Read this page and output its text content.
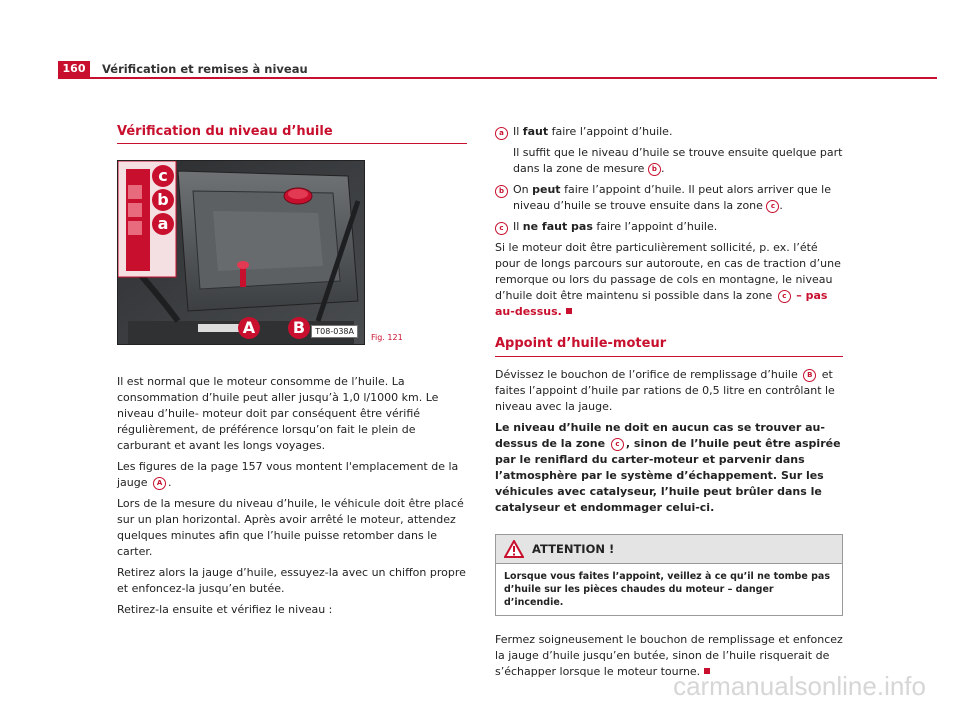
160	Vérification et remises à niveau
Vérification du niveau d’huile
c
b
a
A	B	T08-038A
Fig. 121

Il est normal que le moteur consomme de l’huile. La consommation d’huile peut aller jusqu’à 1,0 l/1000 km. Le niveau d’huile- moteur doit par conséquent être vérifié régulièrement, de préférence lorsqu’on fait le plein de carburant et avant les longs voyages.

Les figures de la page 157 vous montent l'emplacement de la jauge A .

Lors de la mesure du niveau d’huile, le véhicule doit être placé sur un plan horizontal. Après avoir arrêté le moteur, attendez quelques minutes afin que l’huile puisse retomber dans le carter.

Retirez alors la jauge d’huile, essuyez-la avec un chiffon propre et enfoncez-la jusqu’en butée.

Retirez-la ensuite et vérifiez le niveau :

a Il faut faire l’appoint d’huile.
Il suffit que le niveau d’huile se trouve ensuite quelque part dans la zone de mesure b .
b On peut faire l’appoint d’huile. Il peut alors arriver que le niveau d’huile se trouve ensuite dans la zone c .
c Il ne faut pas faire l’appoint d’huile.

Si le moteur doit être particulièrement sollicité, p. ex. l’été pour de longs parcours sur autoroute, en cas de traction d’une remorque ou lors du passage de cols en montagne, le niveau d’huile doit être maintenu si possible dans la zone c – pas au-dessus.

Appoint d’huile-moteur

Dévissez le bouchon de l’orifice de remplissage d’huile B et faites l’appoint d’huile par rations de 0,5 litre en contrôlant le niveau avec la jauge.

Le niveau d’huile ne doit en aucun cas se trouver au-dessus de la zone c , sinon de l’huile peut être aspirée par le reniflard du carter-moteur et parvenir dans l’atmosphère par le système d’échappement. Sur les véhicules avec catalyseur, l’huile peut brûler dans le catalyseur et endommager celui-ci.

ATTENTION !
Lorsque vous faites l’appoint, veillez à ce qu’il ne tombe pas d’huile sur les pièces chaudes du moteur – danger d’incendie.

Fermez soigneusement le bouchon de remplissage et enfoncez la jauge d’huile jusqu’en butée, sinon de l’huile risquerait de s’échapper lorsque le moteur tourne.

carmanualsonline.info
